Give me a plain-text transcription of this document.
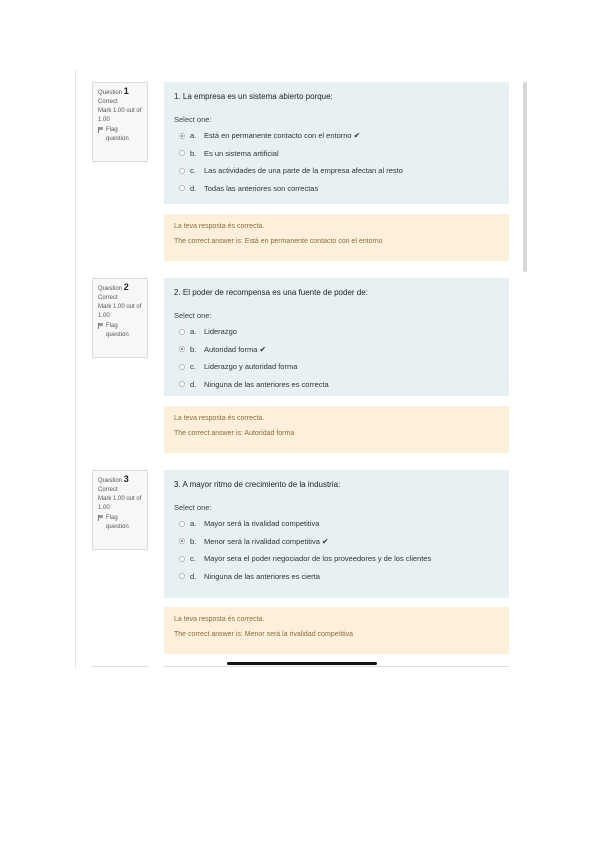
Question 1
Correct
Mark 1.00 out of 1.00
Flag question
1. La empresa es un sistema abierto porque:
Select one:
a.	Está en permanente contacto con el entorno ✔
b.	Es un sistema artificial
c.	Las actividades de una parte de la empresa afectan al resto
d.	Todas las anteriores son correctas
La teva resposta és correcta.
The correct answer is: Está en permanente contacto con el entorno
Question 2
Correct
Mark 1.00 out of 1.00
Flag question
2. El poder de recompensa es una fuente de poder de:
Select one:
a.	Liderazgo
b.	Autoridad forma ✔
c.	Liderazgo y autoridad forma
d.	Ninguna de las anteriores es correcta
La teva resposta és correcta.
The correct answer is: Autoridad forma
Question 3
Correct
Mark 1.00 out of 1.00
Flag question
3. A mayor ritmo de crecimiento de la industria:
Select one:
a.	Mayor será la rivalidad competitiva
b.	Menor será la rivalidad competitiva ✔
c.	Mayor sera el poder negociador de los proveedores y de los clientes
d.	Ninguna de las anteriores es cierta
La teva resposta és correcta.
The correct answer is: Menor será la rivalidad competitiva
